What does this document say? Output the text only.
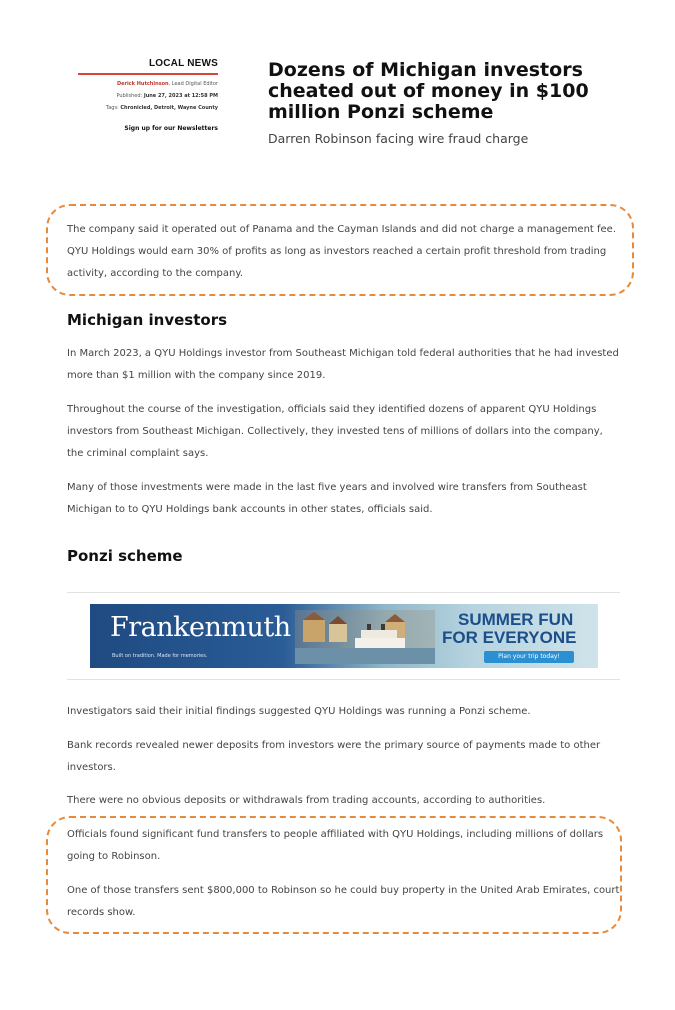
LOCAL NEWS
Derick Hutchinson, Lead Digital Editor
Published: June 27, 2023 at 12:58 PM
Tags: Chronicled, Detroit, Wayne County
Sign up for our Newsletters
Dozens of Michigan investors cheated out of money in $100 million Ponzi scheme
Darren Robinson facing wire fraud charge

The company said it operated out of Panama and the Cayman Islands and did not charge a management fee. QYU Holdings would earn 30% of profits as long as investors reached a certain profit threshold from trading activity, according to the company.

Michigan investors

In March 2023, a QYU Holdings investor from Southeast Michigan told federal authorities that he had invested more than $1 million with the company since 2019.

Throughout the course of the investigation, officials said they identified dozens of apparent QYU Holdings investors from Southeast Michigan. Collectively, they invested tens of millions of dollars into the company, the criminal complaint says.

Many of those investments were made in the last five years and involved wire transfers from Southeast Michigan to to QYU Holdings bank accounts in other states, officials said.

Ponzi scheme
Frankenmuth
Built on tradition. Made for memories.
SUMMER FUN
FOR EVERYONE
Plan your trip today!

Investigators said their initial findings suggested QYU Holdings was running a Ponzi scheme.

Bank records revealed newer deposits from investors were the primary source of payments made to other investors.

There were no obvious deposits or withdrawals from trading accounts, according to authorities.

Officials found significant fund transfers to people affiliated with QYU Holdings, including millions of dollars going to Robinson.

One of those transfers sent $800,000 to Robinson so he could buy property in the United Arab Emirates, court records show.
